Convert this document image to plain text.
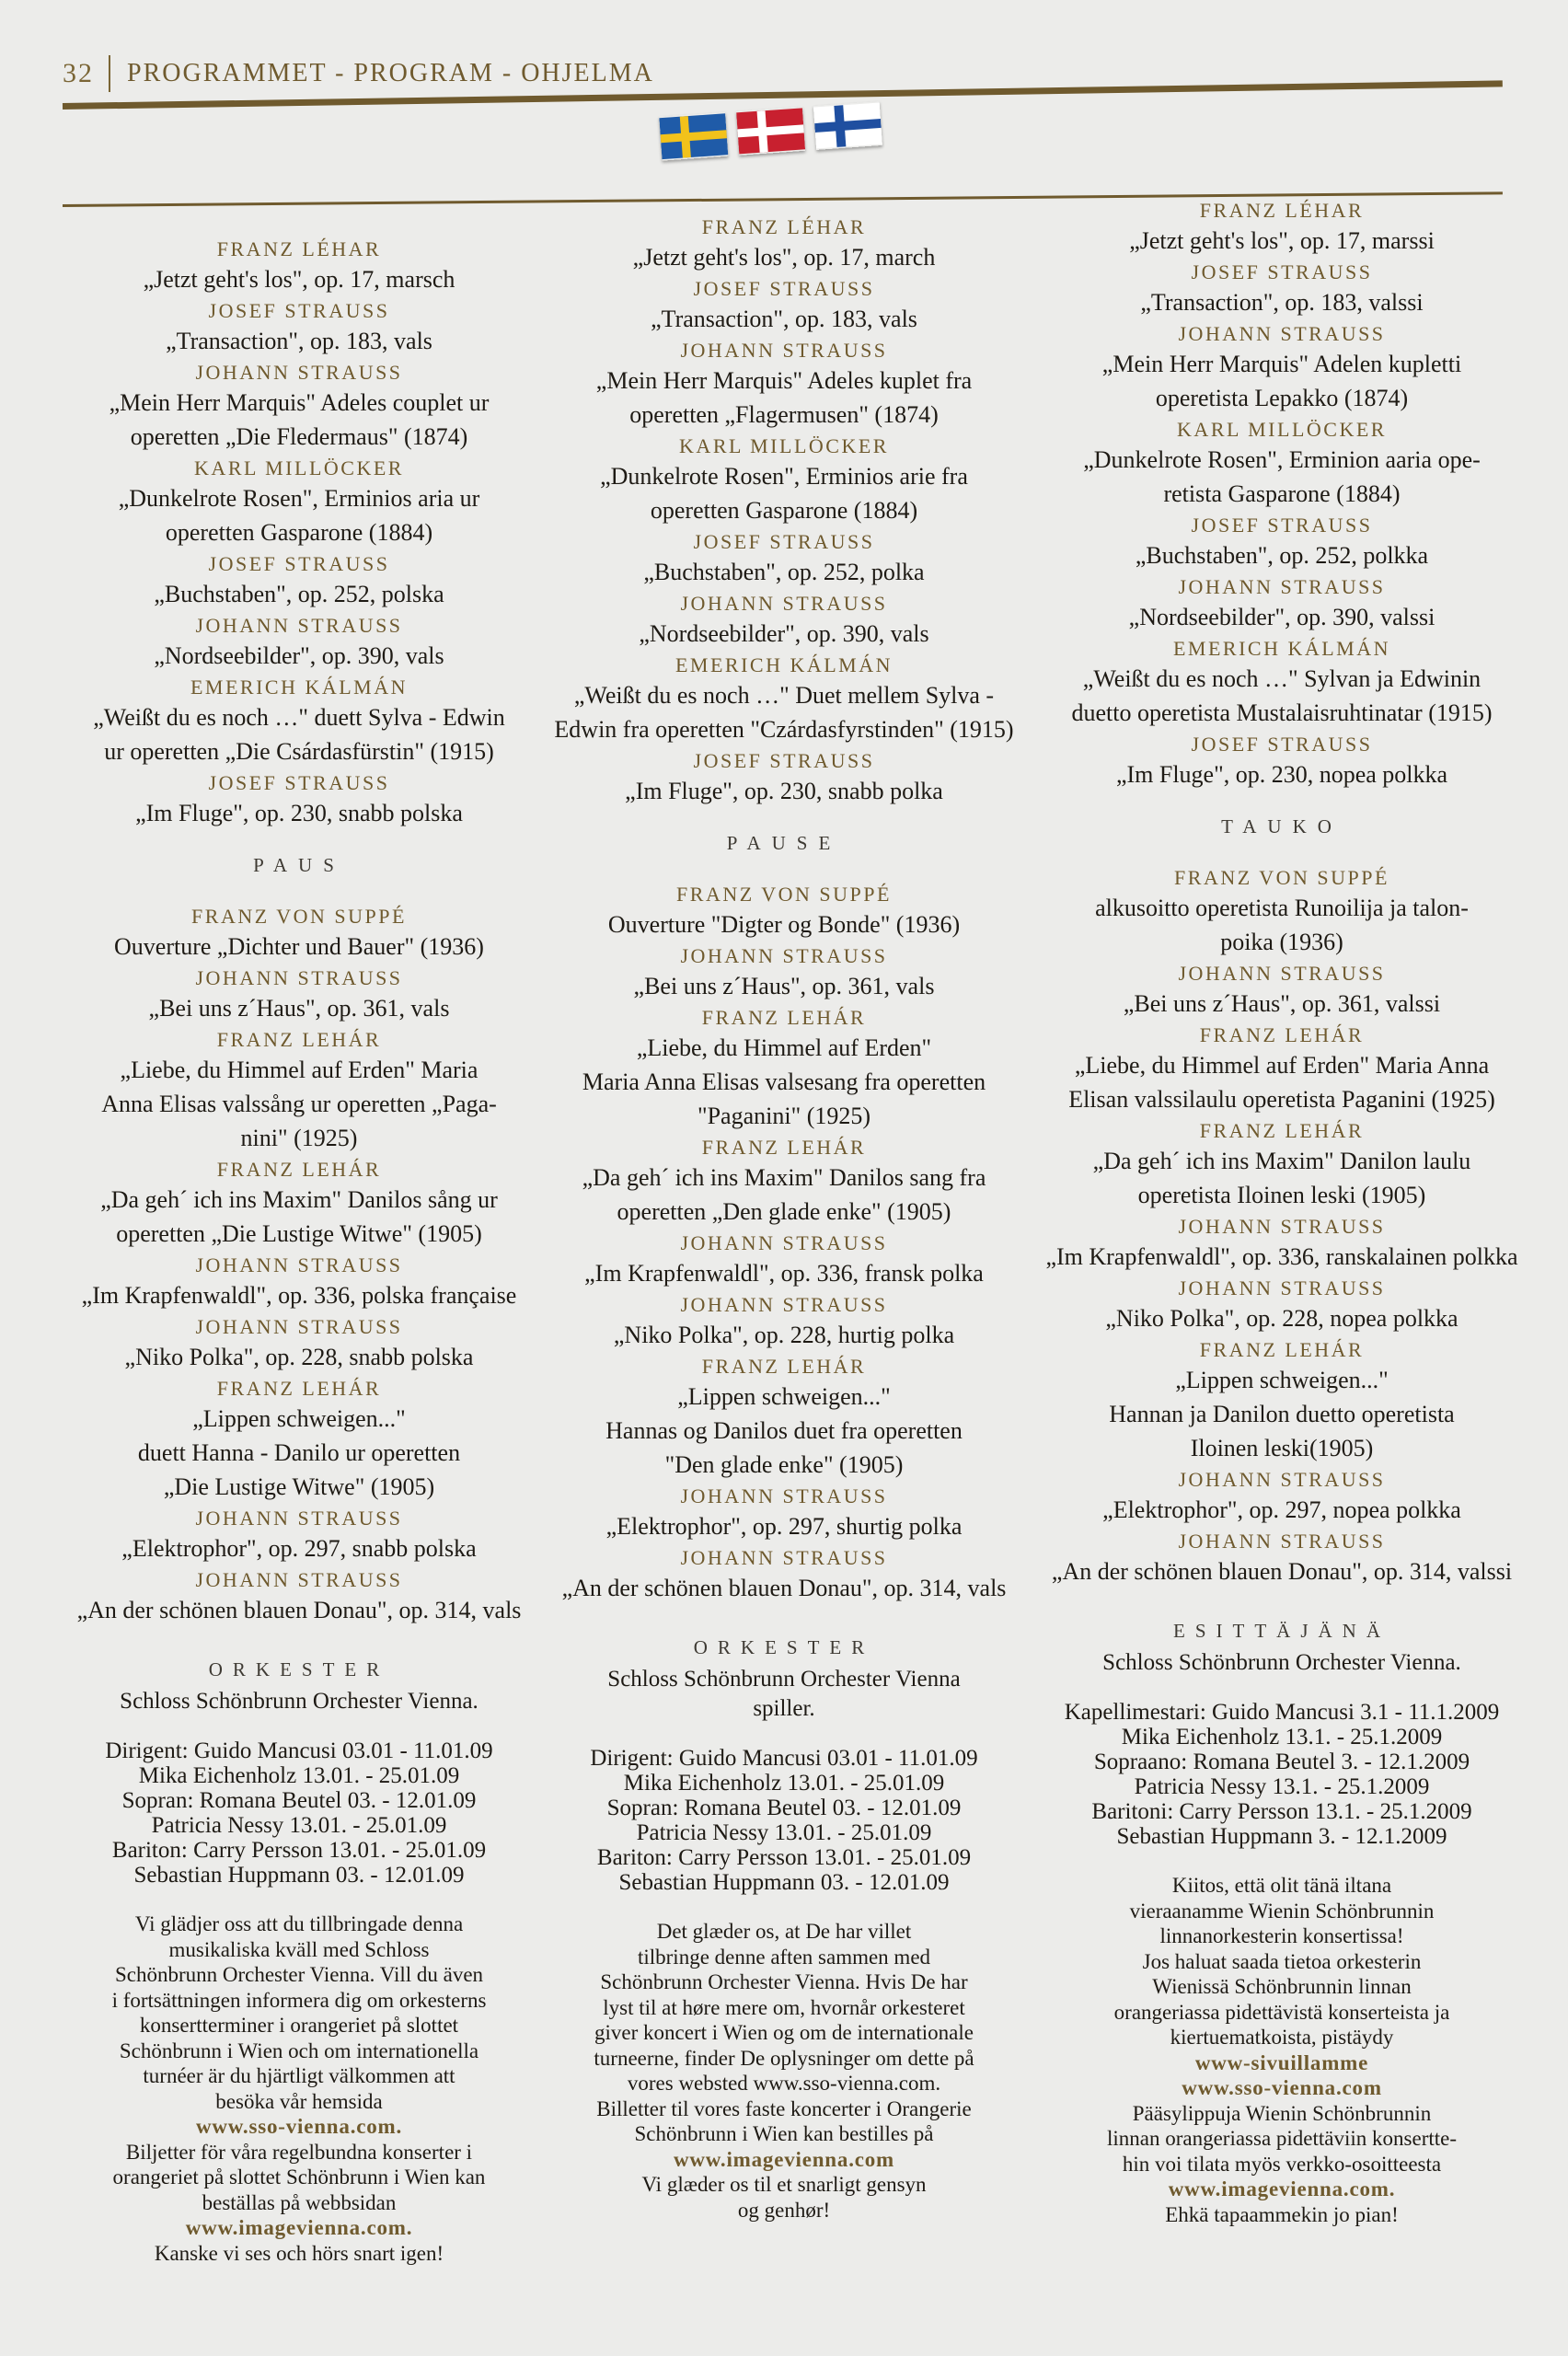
32	PROGRAMMET - PROGRAM - OHJELMA
FRANZ LÉHAR
„Jetzt geht's los", op. 17, marsch
JOSEF STRAUSS
„Transaction", op. 183, vals
JOHANN STRAUSS
„Mein Herr Marquis" Adeles couplet ur
operetten „Die Fledermaus" (1874)
KARL MILLÖCKER
„Dunkelrote Rosen", Erminios aria ur
operetten Gasparone (1884)
JOSEF STRAUSS
„Buchstaben", op. 252, polska
JOHANN STRAUSS
„Nordseebilder", op. 390, vals
EMERICH KÁLMÁN
„Weißt du es noch …" duett Sylva - Edwin
ur operetten „Die Csárdasfürstin" (1915)
JOSEF STRAUSS
„Im Fluge", op. 230, snabb polska
PAUS
FRANZ VON SUPPÉ
Ouverture „Dichter und Bauer" (1936)
JOHANN STRAUSS
„Bei uns z´Haus", op. 361, vals
FRANZ LEHÁR
„Liebe, du Himmel auf Erden" Maria
Anna Elisas valssång ur operetten „Paga-
nini" (1925)
FRANZ LEHÁR
„Da geh´ ich ins Maxim" Danilos sång ur
operetten „Die Lustige Witwe" (1905)
JOHANN STRAUSS
„Im Krapfenwaldl", op. 336, polska française
JOHANN STRAUSS
„Niko Polka", op. 228, snabb polska
FRANZ LEHÁR
„Lippen schweigen..."
duett Hanna - Danilo ur operetten
„Die Lustige Witwe" (1905)
JOHANN STRAUSS
„Elektrophor", op. 297, snabb polska
JOHANN STRAUSS
„An der schönen blauen Donau", op. 314, vals
ORKESTER
Schloss Schönbrunn Orchester Vienna.
Dirigent: Guido Mancusi 03.01 - 11.01.09
Mika Eichenholz 13.01. - 25.01.09
Sopran: Romana Beutel 03. - 12.01.09
Patricia Nessy 13.01. - 25.01.09
Bariton: Carry Persson 13.01. - 25.01.09
Sebastian Huppmann 03. - 12.01.09
Vi glädjer oss att du tillbringade denna
musikaliska kväll med Schloss
Schönbrunn Orchester Vienna. Vill du även
i fortsättningen informera dig om orkesterns
konsertterminer i orangeriet på slottet
Schönbrunn i Wien och om internationella
turnéer är du hjärtligt välkommen att
besöka vår hemsida
www.sso-vienna.com.
Biljetter för våra regelbundna konserter i
orangeriet på slottet Schönbrunn i Wien kan
beställas på webbsidan
www.imagevienna.com.
Kanske vi ses och hörs snart igen!
FRANZ LÉHAR
„Jetzt geht's los", op. 17, march
JOSEF STRAUSS
„Transaction", op. 183, vals
JOHANN STRAUSS
„Mein Herr Marquis" Adeles kuplet fra
operetten „Flagermusen" (1874)
KARL MILLÖCKER
„Dunkelrote Rosen", Erminios arie fra
operetten Gasparone (1884)
JOSEF STRAUSS
„Buchstaben", op. 252, polka
JOHANN STRAUSS
„Nordseebilder", op. 390, vals
EMERICH KÁLMÁN
„Weißt du es noch …" Duet mellem Sylva -
Edwin fra operetten "Czárdasfyrstinden" (1915)
JOSEF STRAUSS
„Im Fluge", op. 230, snabb polka
PAUSE
FRANZ VON SUPPÉ
Ouverture "Digter og Bonde" (1936)
JOHANN STRAUSS
„Bei uns z´Haus", op. 361, vals
FRANZ LEHÁR
„Liebe, du Himmel auf Erden"
Maria Anna Elisas valsesang fra operetten
"Paganini" (1925)
FRANZ LEHÁR
„Da geh´ ich ins Maxim" Danilos sang fra
operetten „Den glade enke" (1905)
JOHANN STRAUSS
„Im Krapfenwaldl", op. 336, fransk polka
JOHANN STRAUSS
„Niko Polka", op. 228, hurtig polka
FRANZ LEHÁR
„Lippen schweigen..."
Hannas og Danilos duet fra operetten
"Den glade enke" (1905)
JOHANN STRAUSS
„Elektrophor", op. 297, shurtig polka
JOHANN STRAUSS
„An der schönen blauen Donau", op. 314, vals
ORKESTER
Schloss Schönbrunn Orchester Vienna
spiller.
Dirigent: Guido Mancusi 03.01 - 11.01.09
Mika Eichenholz 13.01. - 25.01.09
Sopran: Romana Beutel 03. - 12.01.09
Patricia Nessy 13.01. - 25.01.09
Bariton: Carry Persson 13.01. - 25.01.09
Sebastian Huppmann 03. - 12.01.09
Det glæder os, at De har villet
tilbringe denne aften sammen med
Schönbrunn Orchester Vienna. Hvis De har
lyst til at høre mere om, hvornår orkesteret
giver koncert i Wien og om de internationale
turneerne, finder De oplysninger om dette på
vores websted www.sso-vienna.com.
Billetter til vores faste koncerter i Orangerie
Schönbrunn i Wien kan bestilles på
www.imagevienna.com
Vi glæder os til et snarligt gensyn
og genhør!
FRANZ LÉHAR
„Jetzt geht's los", op. 17, marssi
JOSEF STRAUSS
„Transaction", op. 183, valssi
JOHANN STRAUSS
„Mein Herr Marquis" Adelen kupletti
operetista Lepakko (1874)
KARL MILLÖCKER
„Dunkelrote Rosen", Erminion aaria ope-
retista Gasparone (1884)
JOSEF STRAUSS
„Buchstaben", op. 252, polkka
JOHANN STRAUSS
„Nordseebilder", op. 390, valssi
EMERICH KÁLMÁN
„Weißt du es noch …" Sylvan ja Edwinin
duetto operetista Mustalaisruhtinatar (1915)
JOSEF STRAUSS
„Im Fluge", op. 230, nopea polkka
TAUKO
FRANZ VON SUPPÉ
alkusoitto operetista Runoilija ja talon-
poika (1936)
JOHANN STRAUSS
„Bei uns z´Haus", op. 361, valssi
FRANZ LEHÁR
„Liebe, du Himmel auf Erden" Maria Anna
Elisan valssilaulu operetista Paganini (1925)
FRANZ LEHÁR
„Da geh´ ich ins Maxim" Danilon laulu
operetista Iloinen leski (1905)
JOHANN STRAUSS
„Im Krapfenwaldl", op. 336, ranskalainen polkka
JOHANN STRAUSS
„Niko Polka", op. 228, nopea polkka
FRANZ LEHÁR
„Lippen schweigen..."
Hannan ja Danilon duetto operetista
Iloinen leski(1905)
JOHANN STRAUSS
„Elektrophor", op. 297, nopea polkka
JOHANN STRAUSS
„An der schönen blauen Donau", op. 314, valssi
ESITTÄJÄNÄ
Schloss Schönbrunn Orchester Vienna.
Kapellimestari: Guido Mancusi 3.1 - 11.1.2009
Mika Eichenholz 13.1. - 25.1.2009
Sopraano: Romana Beutel 3. - 12.1.2009
Patricia Nessy 13.1. - 25.1.2009
Baritoni: Carry Persson 13.1. - 25.1.2009
Sebastian Huppmann 3. - 12.1.2009
Kiitos, että olit tänä iltana
vieraanamme Wienin Schönbrunnin
linnanorkesterin konsertissa!
Jos haluat saada tietoa orkesterin
Wienissä Schönbrunnin linnan
orangeriassa pidettävistä konserteista ja
kiertuematkoista, pistäydy
www-sivuillamme
www.sso-vienna.com
Pääsylippuja Wienin Schönbrunnin
linnan orangeriassa pidettäviin konsertte-
hin voi tilata myös verkko-osoitteesta
www.imagevienna.com.
Ehkä tapaammekin jo pian!
